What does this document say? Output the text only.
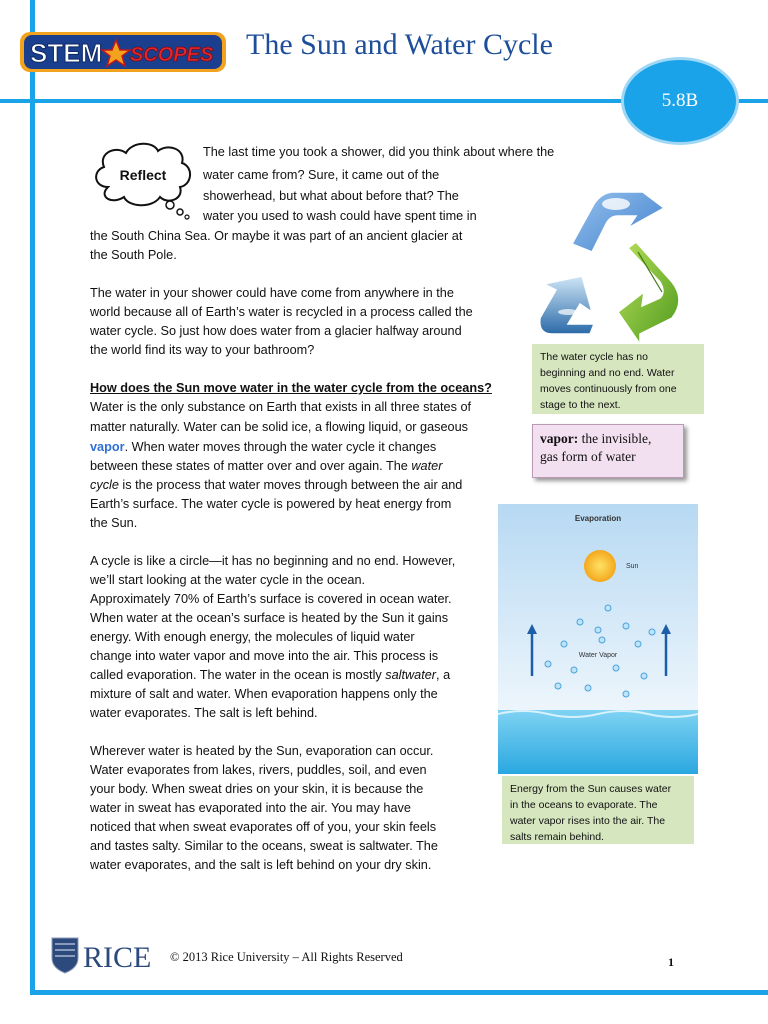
STEM SCOPES The Sun and Water Cycle
5.8B
Reflect
The last time you took a shower, did you think about where the
water came from? Sure, it came out of the
showerhead, but what about before that? The
water you used to wash could have spent time in
the South China Sea. Or maybe it was part of an ancient glacier at
the South Pole.
The water in your shower could have come from anywhere in the
world because all of Earth’s water is recycled in a process called the
water cycle. So just how does water from a glacier halfway around
the world find its way to your bathroom?
How does the Sun move water in the water cycle from the oceans?
Water is the only substance on Earth that exists in all three states of
matter naturally. Water can be solid ice, a flowing liquid, or gaseous
vapor. When water moves through the water cycle it changes
between these states of matter over and over again. The water
cycle is the process that water moves through between the air and
Earth’s surface. The water cycle is powered by heat energy from
the Sun.
A cycle is like a circle—it has no beginning and no end. However,
we’ll start looking at the water cycle in the ocean.
Approximately 70% of Earth’s surface is covered in ocean water.
When water at the ocean’s surface is heated by the Sun it gains
energy. With enough energy, the molecules of liquid water
change into water vapor and move into the air. This process is
called evaporation. The water in the ocean is mostly saltwater, a
mixture of salt and water. When evaporation happens only the
water evaporates. The salt is left behind.
Wherever water is heated by the Sun, evaporation can occur.
Water evaporates from lakes, rivers, puddles, soil, and even
your body. When sweat dries on your skin, it is because the
water in sweat has evaporated into the air. You may have
noticed that when sweat evaporates off of you, your skin feels
and tastes salty. Similar to the oceans, sweat is saltwater. The
water evaporates, and the salt is left behind on your dry skin.
The water cycle has no
beginning and no end. Water
moves continuously from one
stage to the next.
vapor: the invisible,
gas form of water
Evaporation
Sun
Water Vapor
Energy from the Sun causes water
in the oceans to evaporate. The
water vapor rises into the air. The
salts remain behind.
RICE © 2013 Rice University – All Rights Reserved	1
